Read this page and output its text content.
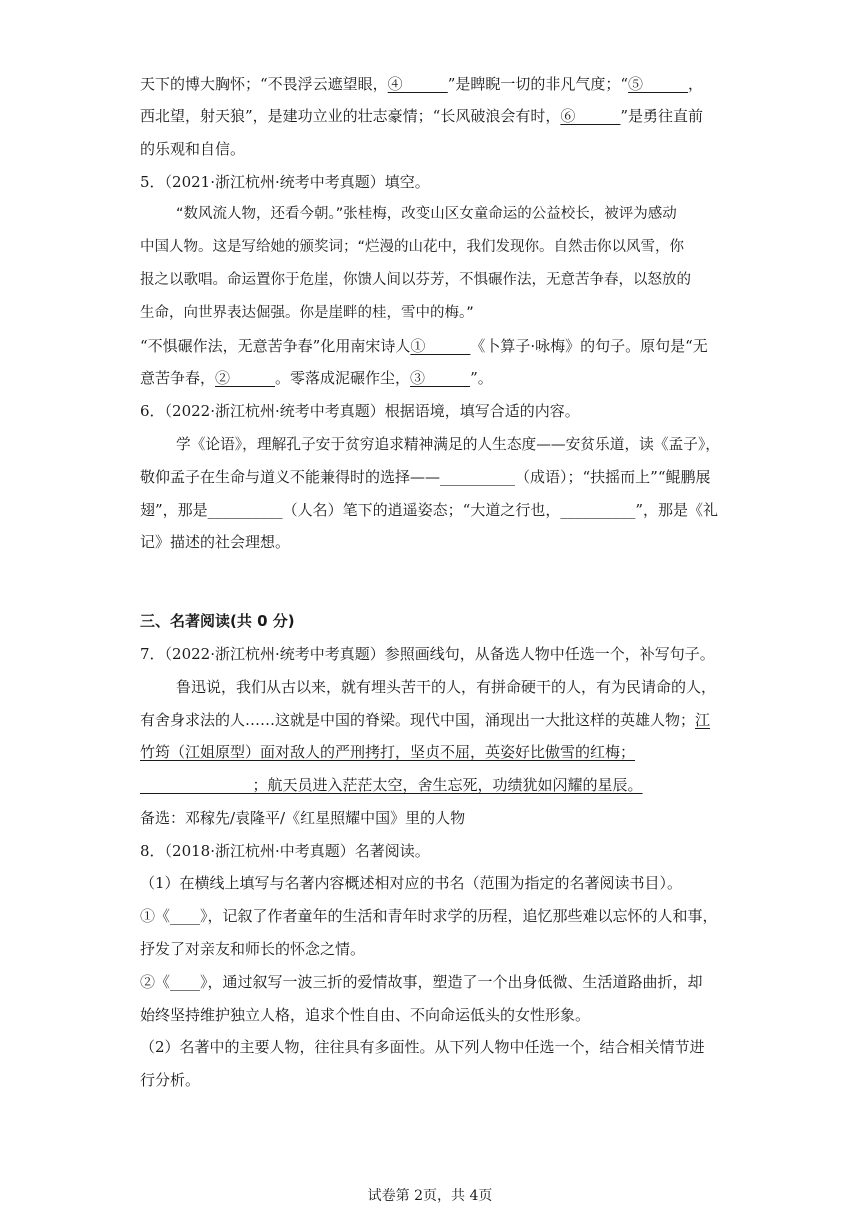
天下的博大胸怀；“不畏浮云遮望眼，④______”是睥睨一切的非凡气度；“⑤______，
西北望，射天狼”，是建功立业的壮志豪情；“长风破浪会有时，⑥______”是勇往直前
的乐观和自信。
5．（2021·浙江杭州·统考中考真题）填空。
“数风流人物，还看今朝。”张桂梅，改变山区女童命运的公益校长，被评为感动
中国人物。这是写给她的颁奖词；“烂漫的山花中，我们发现你。自然击你以风雪，你
报之以歌唱。命运置你于危崖，你馈人间以芬芳，不惧碾作法，无意苦争春，以怒放的
生命，向世界表达倔强。你是崖畔的桂，雪中的梅。”
“不惧碾作法，无意苦争春”化用南宋诗人①______《卜算子·咏梅》的句子。原句是“无
意苦争春，②______。零落成泥碾作尘，③______”。
6．（2022·浙江杭州·统考中考真题）根据语境，填写合适的内容。
学《论语》，理解孔子安于贫穷追求精神满足的人生态度——安贫乐道，读《孟子》，
敬仰孟子在生命与道义不能兼得时的选择——__________（成语）；“扶摇而上”“鲲鹏展
翅”，那是__________（人名）笔下的逍遥姿态；“大道之行也，__________”，那是《礼
记》描述的社会理想。
三、名著阅读(共 0 分)
7．（2022·浙江杭州·统考中考真题）参照画线句，从备选人物中任选一个，补写句子。
鲁迅说，我们从古以来，就有埋头苦干的人，有拼命硬干的人，有为民请命的人，
有舍身求法的人……这就是中国的脊梁。现代中国，涌现出一大批这样的英雄人物；江
竹筠（江姐原型）面对敌人的严刑拷打，坚贞不屈，英姿好比傲雪的红梅；
_______________；航天员进入茫茫太空，舍生忘死，功绩犹如闪耀的星辰。
备选：邓稼先/袁隆平/《红星照耀中国》里的人物
8．（2018·浙江杭州·中考真题）名著阅读。
（1）在横线上填写与名著内容概述相对应的书名（范围为指定的名著阅读书目）。
①《____》，记叙了作者童年的生活和青年时求学的历程，追忆那些难以忘怀的人和事，
抒发了对亲友和师长的怀念之情。
②《____》，通过叙写一波三折的爱情故事，塑造了一个出身低微、生活道路曲折，却
始终坚持维护独立人格，追求个性自由、不向命运低头的女性形象。
（2）名著中的主要人物，往往具有多面性。从下列人物中任选一个，结合相关情节进
行分析。
试卷第 2页，共 4页
